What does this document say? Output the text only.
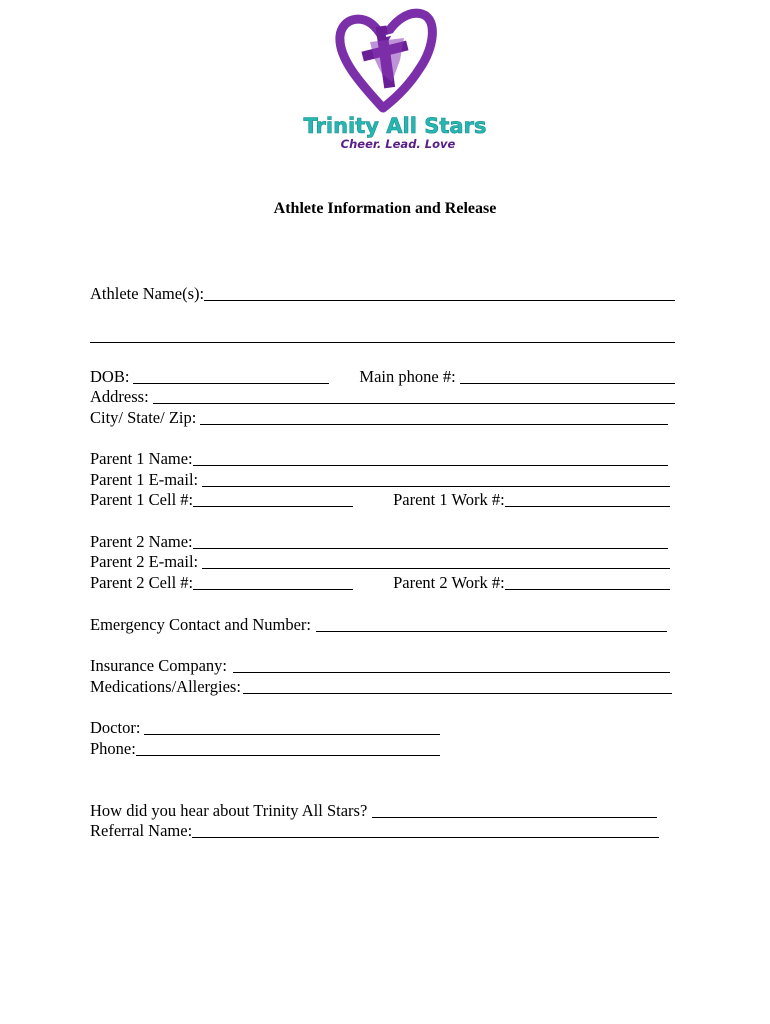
Trinity All Stars
Cheer. Lead. Love
Athlete Information and Release
Athlete Name(s):
DOB:	Main phone #:
Address:
City/ State/ Zip:
Parent 1 Name:
Parent 1 E-mail:
Parent 1 Cell #:	Parent 1 Work #:
Parent 2 Name:
Parent 2 E-mail:
Parent 2 Cell #:	Parent 2 Work #:
Emergency Contact and Number:
Insurance Company:
Medications/Allergies:
Doctor:
Phone:
How did you hear about Trinity All Stars?
Referral Name:
